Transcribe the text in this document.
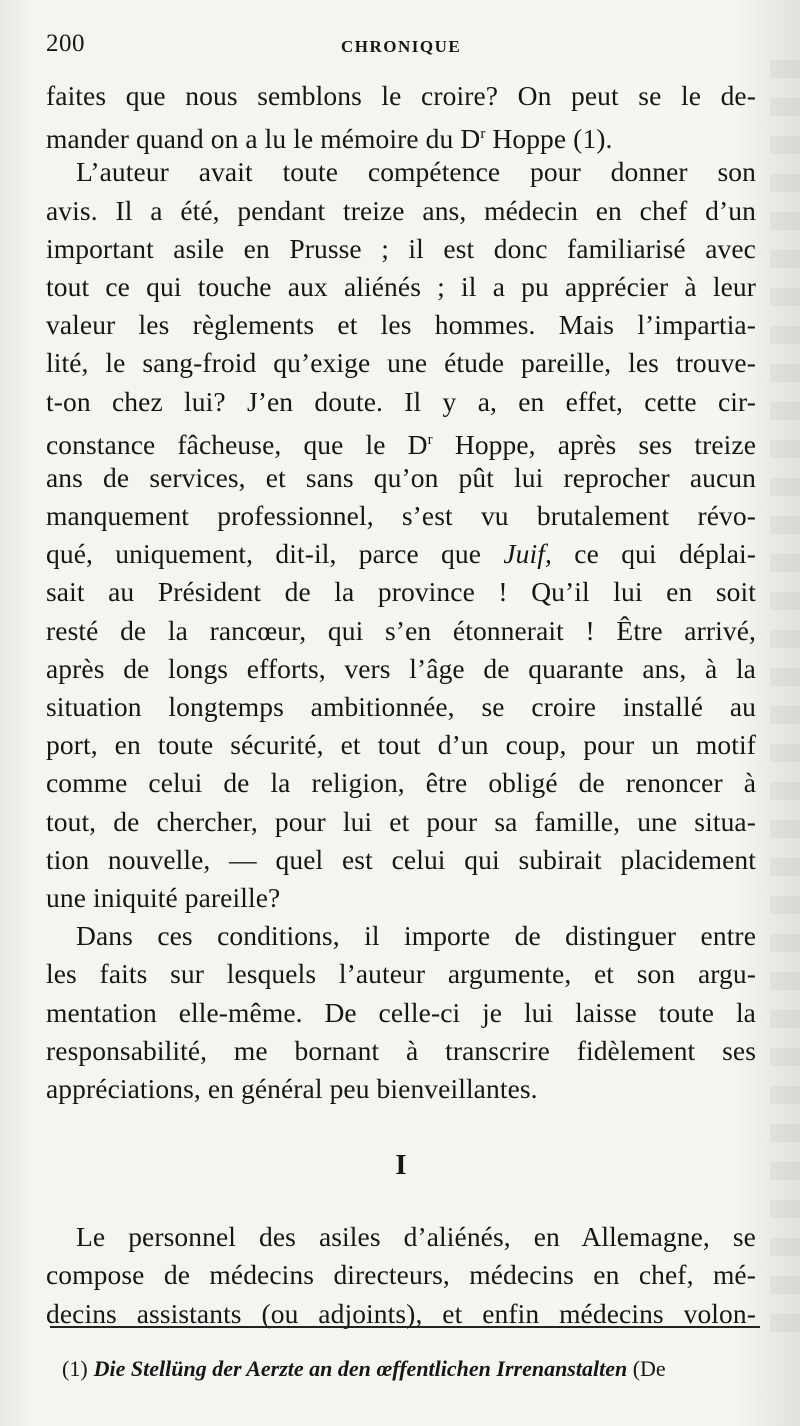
200	CHRONIQUE
faites que nous semblons le croire? On peut se le de-
mander quand on a lu le mémoire du $D^r$ Hoppe (1).
L’auteur avait toute compétence pour donner son
avis. Il a été, pendant treize ans, médecin en chef d’un
important asile en Prusse ; il est donc familiarisé avec
tout ce qui touche aux aliénés ; il a pu apprécier à leur
valeur les règlements et les hommes. Mais l’impartia-
lité, le sang-froid qu’exige une étude pareille, les trouve-
t-on chez lui? J’en doute. Il y a, en effet, cette cir-
constance fâcheuse, que le $D^r$ Hoppe, après ses treize
ans de services, et sans qu’on pût lui reprocher aucun
manquement professionnel, s’est vu brutalement révo-
qué, uniquement, dit-il, parce que Juif, ce qui déplai-
sait au Président de la province ! Qu’il lui en soit
resté de la rancœur, qui s’en étonnerait ! Être arrivé,
après de longs efforts, vers l’âge de quarante ans, à la
situation longtemps ambitionnée, se croire installé au
port, en toute sécurité, et tout d’un coup, pour un motif
comme celui de la religion, être obligé de renoncer à
tout, de chercher, pour lui et pour sa famille, une situa-
tion nouvelle, — quel est celui qui subirait placidement
une iniquité pareille?
Dans ces conditions, il importe de distinguer entre
les faits sur lesquels l’auteur argumente, et son argu-
mentation elle-même. De celle-ci je lui laisse toute la
responsabilité, me bornant à transcrire fidèlement ses
appréciations, en général peu bienveillantes.
I
Le personnel des asiles d’aliénés, en Allemagne, se
compose de médecins directeurs, médecins en chef, mé-
decins assistants (ou adjoints), et enfin médecins volon-
(1) Die Stellüng der Aerzte an den œffentlichen Irrenanstalten (De
